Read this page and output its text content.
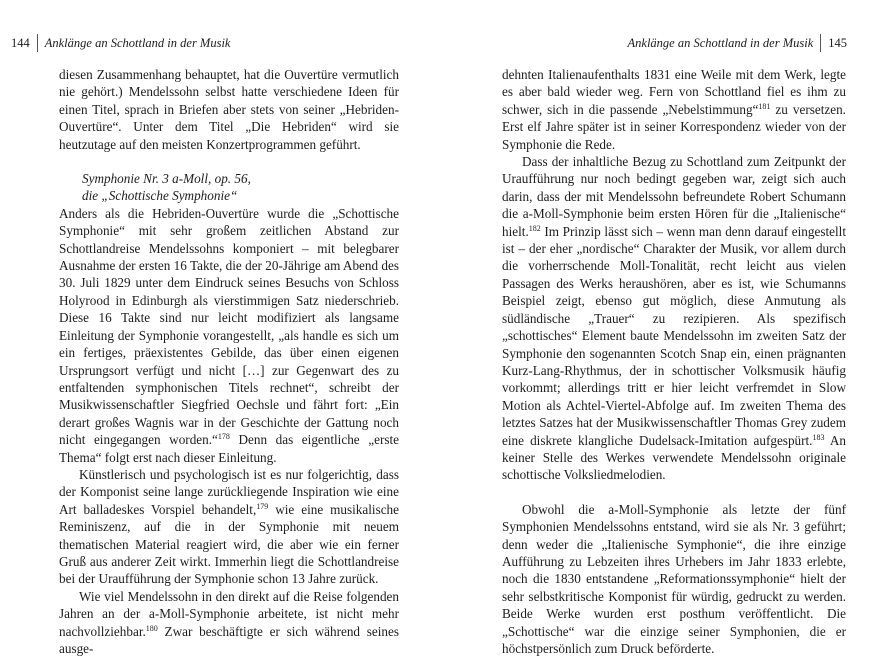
144 Anklänge an Schottland in der Musik

diesen Zusammenhang behauptet, hat die Ouvertüre vermutlich nie gehört.) Mendelssohn selbst hatte verschiedene Ideen für einen Titel, sprach in Briefen aber stets von seiner „Hebriden-Ouvertüre“. Unter dem Titel „Die Hebriden“ wird sie heutzutage auf den meisten Konzertprogrammen geführt.

Symphonie Nr. 3 a-Moll, op. 56,

die „Schottische Symphonie“

Anders als die Hebriden-Ouvertüre wurde die „Schottische Symphonie“ mit sehr großem zeitlichen Abstand zur Schottlandreise Mendelssohns komponiert – mit belegbarer Ausnahme der ersten 16 Takte, die der 20-Jährige am Abend des 30. Juli 1829 unter dem Eindruck seines Besuchs von Schloss Holyrood in Edinburgh als vierstimmigen Satz niederschrieb. Diese 16 Takte sind nur leicht modifiziert als langsame Einleitung der Symphonie vorangestellt, „als handle es sich um ein fertiges, präexistentes Gebilde, das über einen eigenen Ursprungsort verfügt und nicht […] zur Gegenwart des zu entfaltenden symphonischen Titels rechnet“, schreibt der Musikwissenschaftler Siegfried Oechsle und fährt fort: „Ein derart großes Wagnis war in der Geschichte der Gattung noch nicht eingegangen worden.“$^{178}$ Denn das eigentliche „erste Thema“ folgt erst nach dieser Einleitung.

Künstlerisch und psychologisch ist es nur folgerichtig, dass der Komponist seine lange zurückliegende Inspiration wie eine Art balladeskes Vorspiel behandelt,$^{179}$ wie eine musikalische Reminiszenz, auf die in der Symphonie mit neuem thematischen Material reagiert wird, die aber wie ein ferner Gruß aus anderer Zeit wirkt. Immerhin liegt die Schottlandreise bei der Uraufführung der Symphonie schon 13 Jahre zurück.

Wie viel Mendelssohn in den direkt auf die Reise folgenden Jahren an der a-Moll-Symphonie arbeitete, ist nicht mehr nachvollziehbar.$^{180}$ Zwar beschäftigte er sich während seines ausge-

Anklänge an Schottland in der Musik 145

dehnten Italienaufenthalts 1831 eine Weile mit dem Werk, legte es aber bald wieder weg. Fern von Schottland fiel es ihm zu schwer, sich in die passende „Nebelstimmung“$^{181}$ zu versetzen. Erst elf Jahre später ist in seiner Korrespondenz wieder von der Symphonie die Rede.

Dass der inhaltliche Bezug zu Schottland zum Zeitpunkt der Uraufführung nur noch bedingt gegeben war, zeigt sich auch darin, dass der mit Mendelssohn befreundete Robert Schumann die a-Moll-Symphonie beim ersten Hören für die „Italienische“ hielt.$^{182}$ Im Prinzip lässt sich – wenn man denn darauf eingestellt ist – der eher „nordische“ Charakter der Musik, vor allem durch die vorherrschende Moll-Tonalität, recht leicht aus vielen Passagen des Werks heraushören, aber es ist, wie Schumanns Beispiel zeigt, ebenso gut möglich, diese Anmutung als südländische „Trauer“ zu rezipieren. Als spezifisch „schottisches“ Element baute Mendelssohn im zweiten Satz der Symphonie den sogenannten Scotch Snap ein, einen prägnanten Kurz-Lang-Rhythmus, der in schottischer Volksmusik häufig vorkommt; allerdings tritt er hier leicht verfremdet in Slow Motion als Achtel-Viertel-Abfolge auf. Im zweiten Thema des letztes Satzes hat der Musikwissenschaftler Thomas Grey zudem eine diskrete klangliche Dudelsack-Imitation aufgespürt.$^{183}$ An keiner Stelle des Werkes verwendete Mendelssohn originale schottische Volksliedmelodien.

Obwohl die a-Moll-Symphonie als letzte der fünf Symphonien Mendelssohns entstand, wird sie als Nr. 3 geführt; denn weder die „Italienische Symphonie“, die ihre einzige Aufführung zu Lebzeiten ihres Urhebers im Jahr 1833 erlebte, noch die 1830 entstandene „Reformationssymphonie“ hielt der sehr selbstkritische Komponist für würdig, gedruckt zu werden. Beide Werke wurden erst posthum veröffentlicht. Die „Schottische“ war die einzige seiner Symphonien, die er höchstpersönlich zum Druck beförderte.
